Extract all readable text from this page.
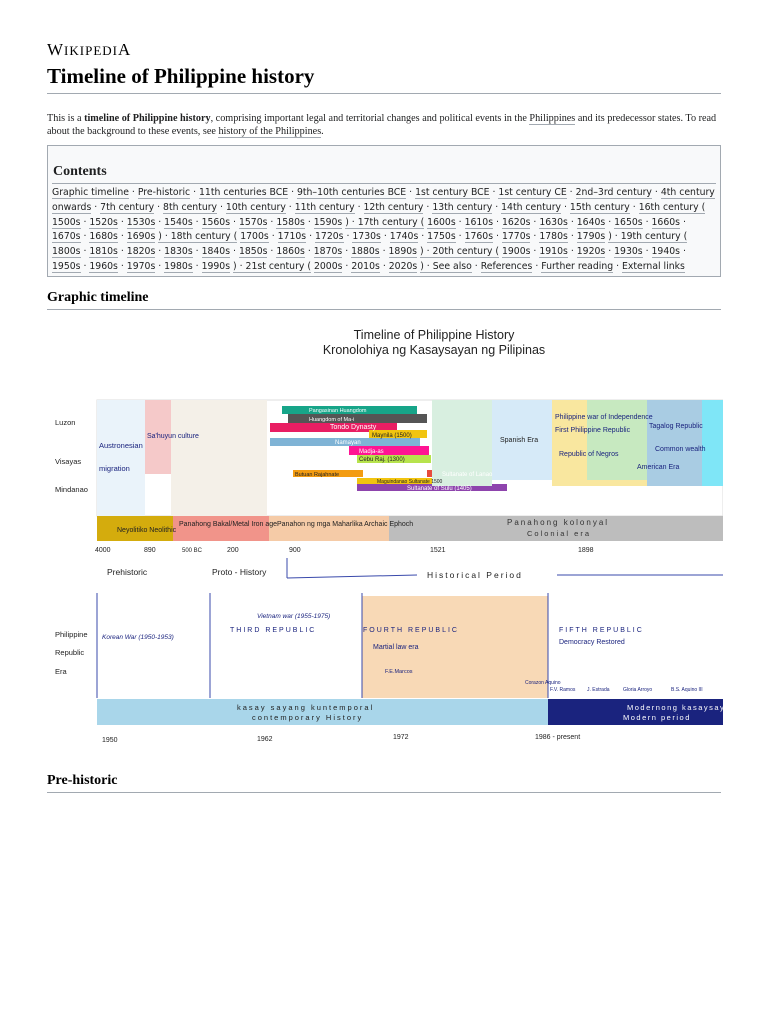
WIKIPEDIA
Timeline of Philippine history
This is a timeline of Philippine history, comprising important legal and territorial changes and political events in the Philippines and its predecessor states. To read about the background to these events, see history of the Philippines.
Contents
Graphic timeline · Pre-historic · 11th centuries BCE · 9th–10th centuries BCE · 1st century BCE · 1st century CE · 2nd–3rd century · 4th century onwards · 7th century · 8th century · 10th century · 11th century · 12th century · 13th century · 14th century · 15th century · 16th century ( 1500s · 1520s · 1530s · 1540s · 1560s · 1570s · 1580s · 1590s ) · 17th century ( 1600s · 1610s · 1620s · 1630s · 1640s · 1650s · 1660s · 1670s · 1680s · 1690s ) · 18th century ( 1700s · 1710s · 1720s · 1730s · 1740s · 1750s · 1760s · 1770s · 1780s · 1790s ) · 19th century ( 1800s · 1810s · 1820s · 1830s · 1840s · 1850s · 1860s · 1870s · 1880s · 1890s ) · 20th century ( 1900s · 1910s · 1920s · 1930s · 1940s · 1950s · 1960s · 1970s · 1980s · 1990s ) · 21st century ( 2000s · 2010s · 2020s ) · See also · References · Further reading · External links
Graphic timeline
Timeline of Philippine History
Kronolohiya ng Kasaysayan ng Pilipinas
Luzon
Visayas
Mindanao
Austronesian
migration
Sa'huyun culture
Tondo Dynasty
Maynila (1500)
Spanish Era
Philippine war of Independence
First Philippine Republic
Republic of Negros
Tagalog Republic
Common wealth
American Era
Pangasinan Huangdom
Huangdom of Ma-i
Namayan
Madja-as
Cebu Raj. (1300)
Butuan Rajahnate
Sultanate of Sulu (1405)
Sultanate of Lanao
Maguindanao Sultanate 1500
Neyolitiko Neolithic
Panahong Bakal/Metal Iron age Panahon ng mga Maharlika Archaic Ephoch	Panahong kolonyal
Colonial era
4000	890	500 BC	200	900	1521	1898
Prehistoric	Proto - History	Historical Period
Philippine
Republic
Era
THIRD REPUBLIC	FOURTH REPUBLIC	FIFTH REPUBLIC
Korean War (1950-1953)
Vietnam war (1955-1975)
Martial law era
Democracy Restored
F.E.Marcos
Corazon Aquino
F.V. Ramos J. Estrada	Gloria Arroyo	B.S. Aquino III
kasay sayang kuntemporal
contemporary History
Modernong kasaysay
Modern period
1950	1962	1972	1986 - present
Pre-historic
